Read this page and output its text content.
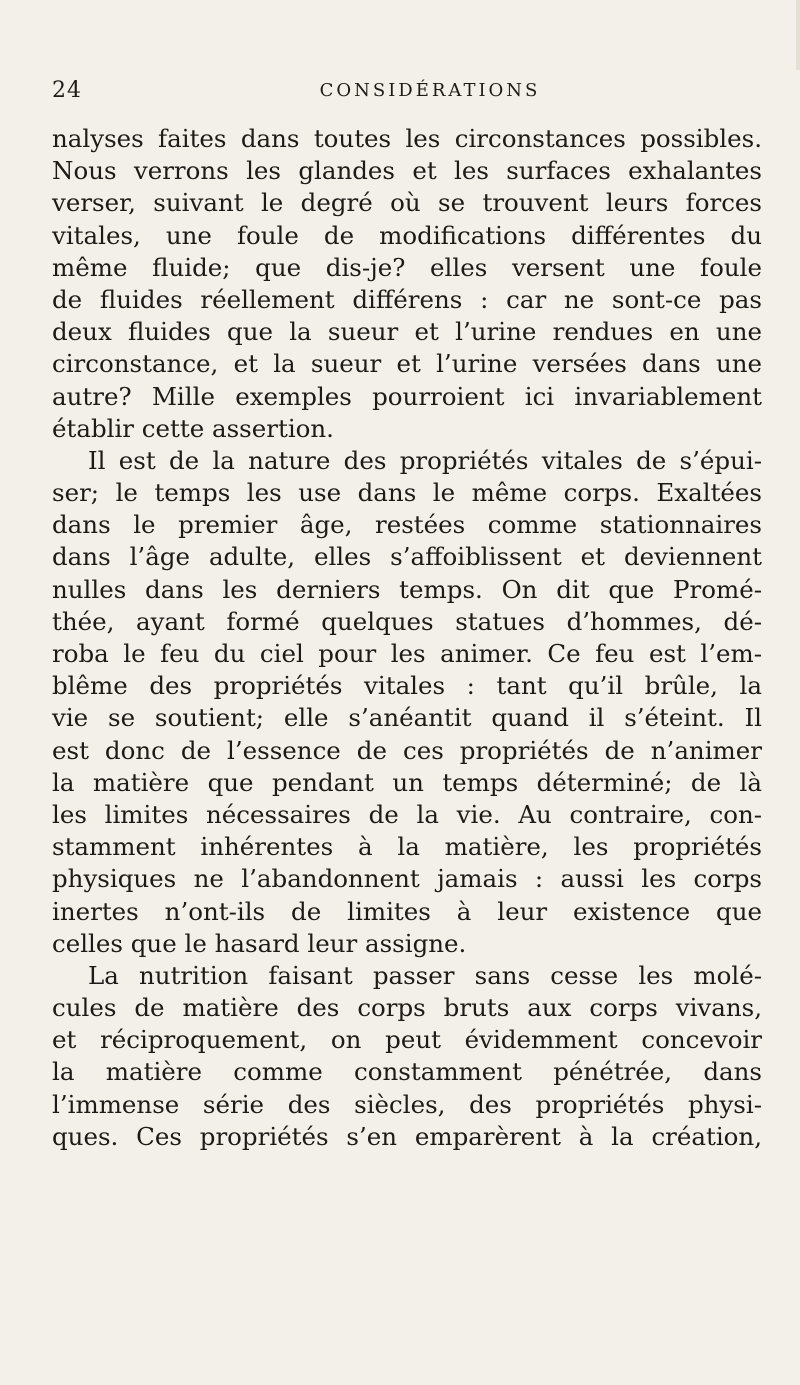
24	CONSIDÉRATIONS
nalyses faites dans toutes les circonstances possibles.
Nous verrons les glandes et les surfaces exhalantes
verser, suivant le degré où se trouvent leurs forces
vitales, une foule de modifications différentes du
même fluide; que dis-je? elles versent une foule
de fluides réellement différens : car ne sont-ce pas
deux fluides que la sueur et l’urine rendues en une
circonstance, et la sueur et l’urine versées dans une
autre? Mille exemples pourroient ici invariablement
établir cette assertion.
Il est de la nature des propriétés vitales de s’épui-
ser; le temps les use dans le même corps. Exaltées
dans le premier âge, restées comme stationnaires
dans l’âge adulte, elles s’affoiblissent et deviennent
nulles dans les derniers temps. On dit que Promé-
thée, ayant formé quelques statues d’hommes, dé-
roba le feu du ciel pour les animer. Ce feu est l’em-
blême des propriétés vitales : tant qu’il brûle, la
vie se soutient; elle s’anéantit quand il s’éteint. Il
est donc de l’essence de ces propriétés de n’animer
la matière que pendant un temps déterminé; de là
les limites nécessaires de la vie. Au contraire, con-
stamment inhérentes à la matière, les propriétés
physiques ne l’abandonnent jamais : aussi les corps
inertes n’ont-ils de limites à leur existence que
celles que le hasard leur assigne.
La nutrition faisant passer sans cesse les molé-
cules de matière des corps bruts aux corps vivans,
et réciproquement, on peut évidemment concevoir
la matière comme constamment pénétrée, dans
l’immense série des siècles, des propriétés physi-
ques. Ces propriétés s’en emparèrent à la création,
